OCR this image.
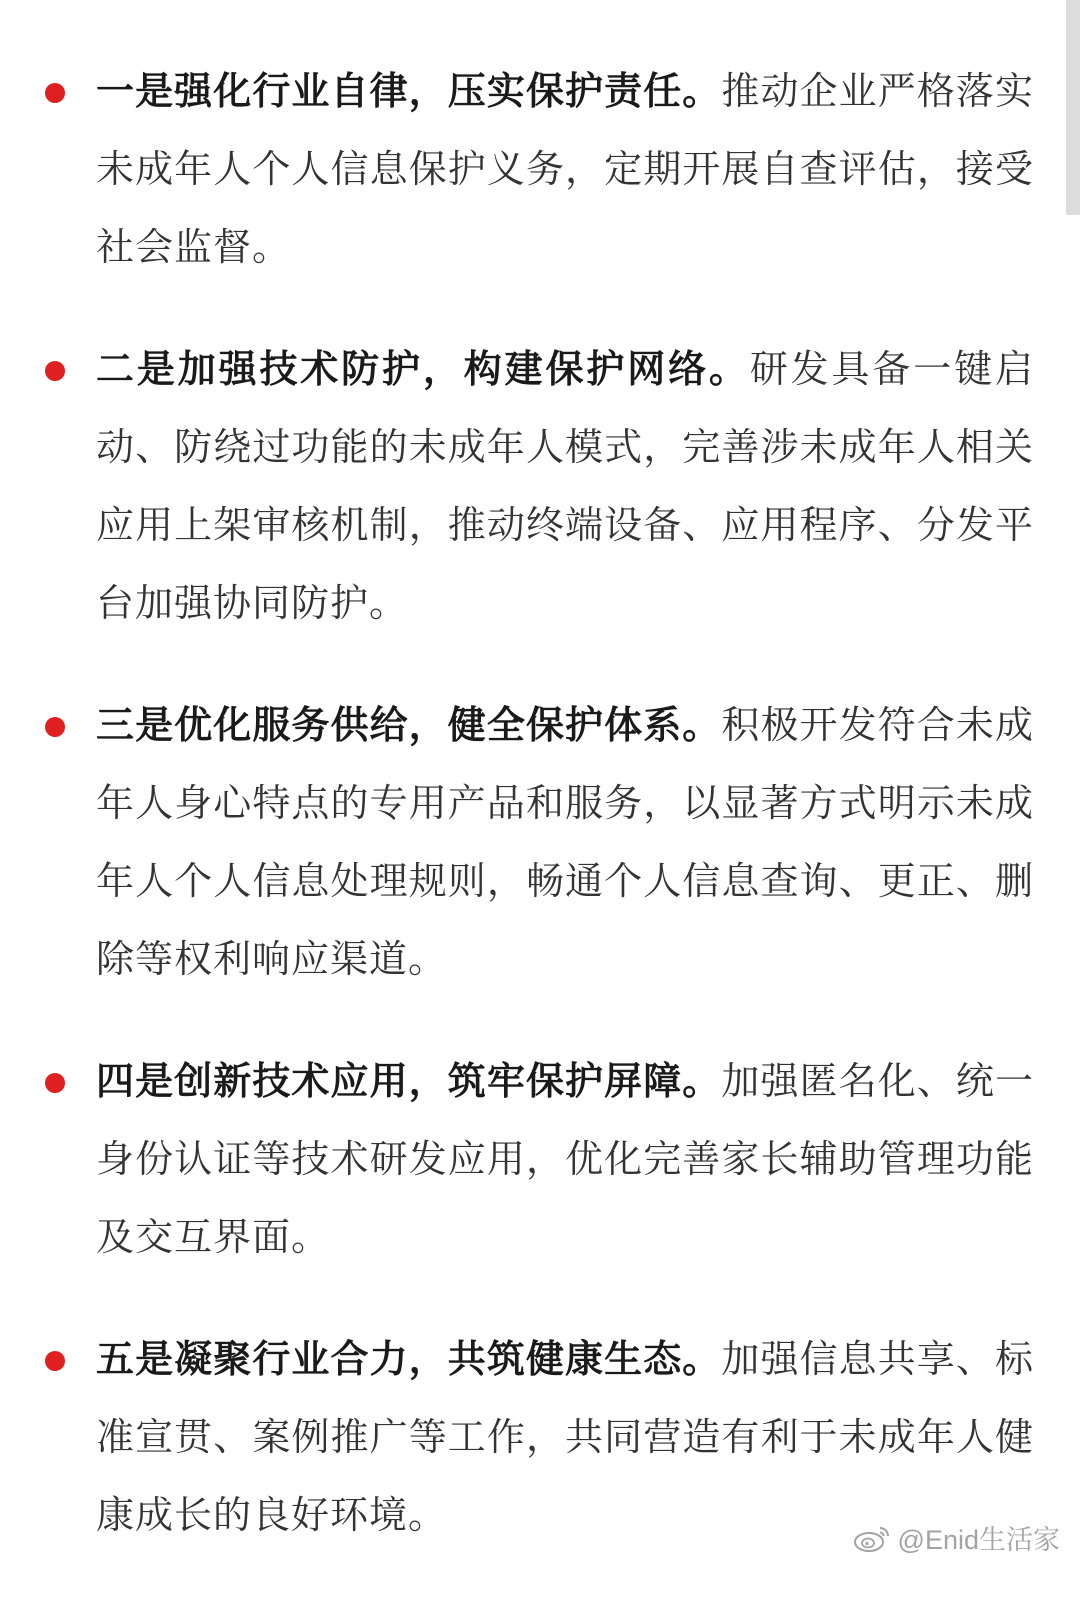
一是强化行业自律，压实保护责任。推动企业严格落实未成年人个人信息保护义务，定期开展自查评估，接受社会监督。

二是加强技术防护，构建保护网络。研发具备一键启动、防绕过功能的未成年人模式，完善涉未成年人相关应用上架审核机制，推动终端设备、应用程序、分发平台加强协同防护。

三是优化服务供给，健全保护体系。积极开发符合未成年人身心特点的专用产品和服务，以显著方式明示未成年人个人信息处理规则，畅通个人信息查询、更正、删除等权利响应渠道。

四是创新技术应用，筑牢保护屏障。加强匿名化、统一身份认证等技术研发应用，优化完善家长辅助管理功能及交互界面。

五是凝聚行业合力，共筑健康生态。加强信息共享、标准宣贯、案例推广等工作，共同营造有利于未成年人健康成长的良好环境。

@Enid生活家
